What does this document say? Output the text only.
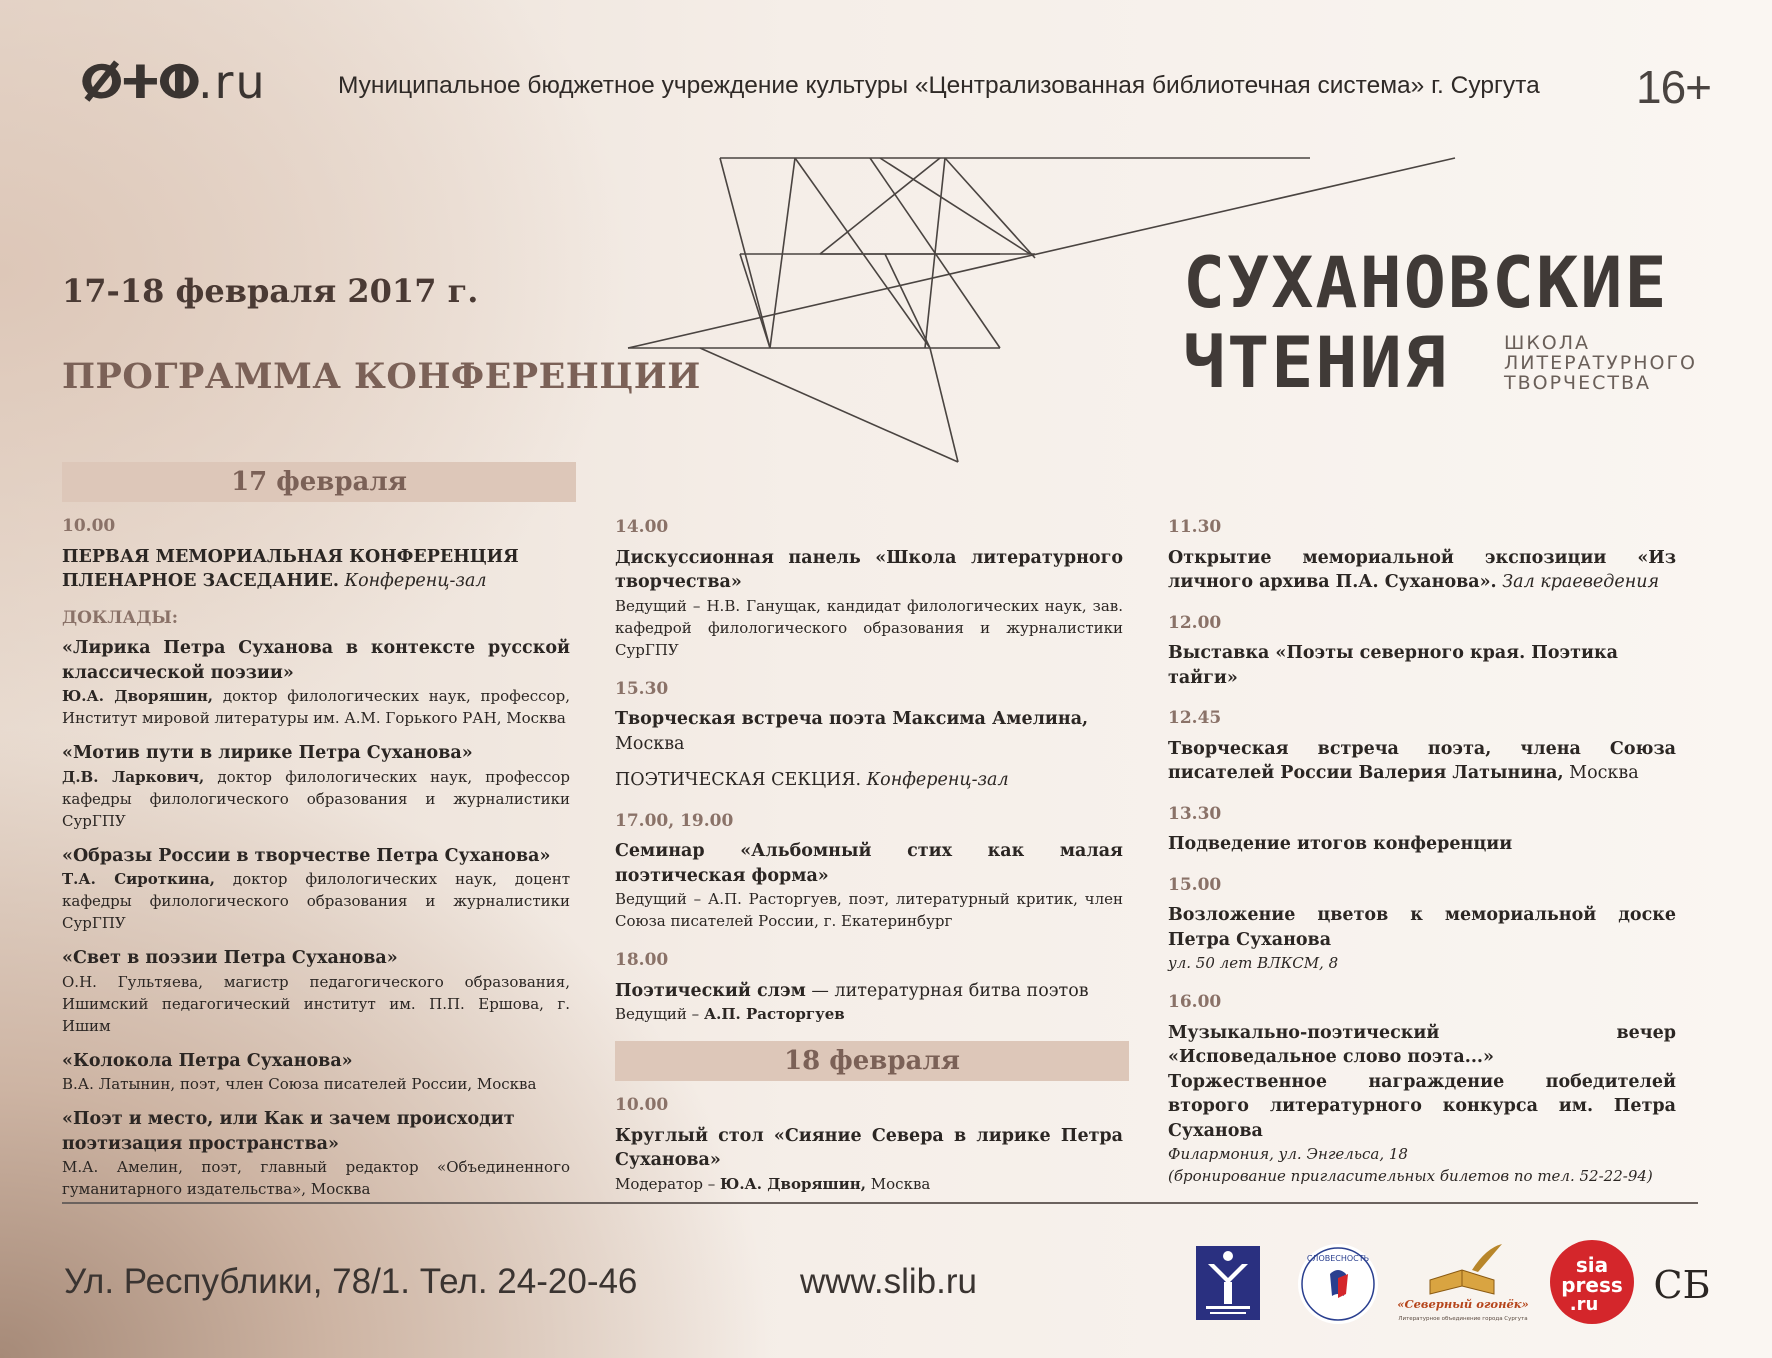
ⵁⵜⵀ.ru	Муниципальное бюджетное учреждение культуры «Централизованная библиотечная система» г. Сургута 16+
17-18 февраля 2017 г.
ПРОГРАММА КОНФЕРЕНЦИИ
СУХАНОВСКИЕ
ЧТЕНИЯ	ШКОЛА
ЛИТЕРАТУРНОГО
ТВОРЧЕСТВА
17 февраля
10.00
ПЕРВАЯ МЕМОРИАЛЬНАЯ КОНФЕРЕНЦИЯ
ПЛЕНАРНОЕ ЗАСЕДАНИЕ. Конференц-зал
ДОКЛАДЫ:
«Лирика Петра Суханова в контексте русской классической поэзии»
Ю.А. Дворяшин, доктор филологических наук, профессор, Институт мировой литературы им. А.М. Горького РАН, Москва
«Мотив пути в лирике Петра Суханова»
Д.В. Ларкович, доктор филологических наук, профессор кафедры филологического образования и журналистики СурГПУ
«Образы России в творчестве Петра Суханова»
Т.А. Сироткина, доктор филологических наук, доцент кафедры филологического образования и журналистики СурГПУ
«Свет в поэзии Петра Суханова»
О.Н. Гультяева, магистр педагогического образования, Ишимский педагогический институт им. П.П. Ершова, г. Ишим
«Колокола Петра Суханова»
В.А. Латынин, поэт, член Союза писателей России, Москва
«Поэт и место, или Как и зачем происходит поэтизация пространства»
М.А. Амелин, поэт, главный редактор «Объединенного гуманитарного издательства», Москва
14.00
Дискуссионная панель «Школа литературного творчества»
Ведущий – Н.В. Ганущак, кандидат филологических наук, зав. кафедрой филологического образования и журналистики СурГПУ
15.30
Творческая встреча поэта Максима Амелина, Москва
ПОЭТИЧЕСКАЯ СЕКЦИЯ. Конференц-зал
17.00, 19.00
Семинар «Альбомный стих как малая поэтическая форма»
Ведущий – А.П. Расторгуев, поэт, литературный критик, член Союза писателей России, г. Екатеринбург
18.00
Поэтический слэм — литературная битва поэтов
Ведущий – А.П. Расторгуев
18 февраля
10.00
Круглый стол «Сияние Севера в лирике Петра Суханова»
Модератор – Ю.А. Дворяшин, Москва
11.30
Открытие мемориальной экспозиции «Из личного архива П.А. Суханова». Зал краеведения
12.00
Выставка «Поэты северного края. Поэтика тайги»
12.45
Творческая встреча поэта, члена Союза писателей России Валерия Латынина, Москва
13.30
Подведение итогов конференции
15.00
Возложение цветов к мемориальной доске Петра Суханова
ул. 50 лет ВЛКСМ, 8
16.00
Музыкально-поэтический вечер «Исповедальное слово поэта...»
Торжественное награждение победителей второго литературного конкурса им. Петра Суханова
Филармония, ул. Энгельса, 18
(бронирование пригласительных билетов по тел. 52-22-94)
Ул. Республики, 78/1. Тел. 24-20-46	www.slib.ru
СЛОВЕСНОСТЬ
«Северный огонёк»
Литературное объединение города Сургута
sia
press
.ru СБ
